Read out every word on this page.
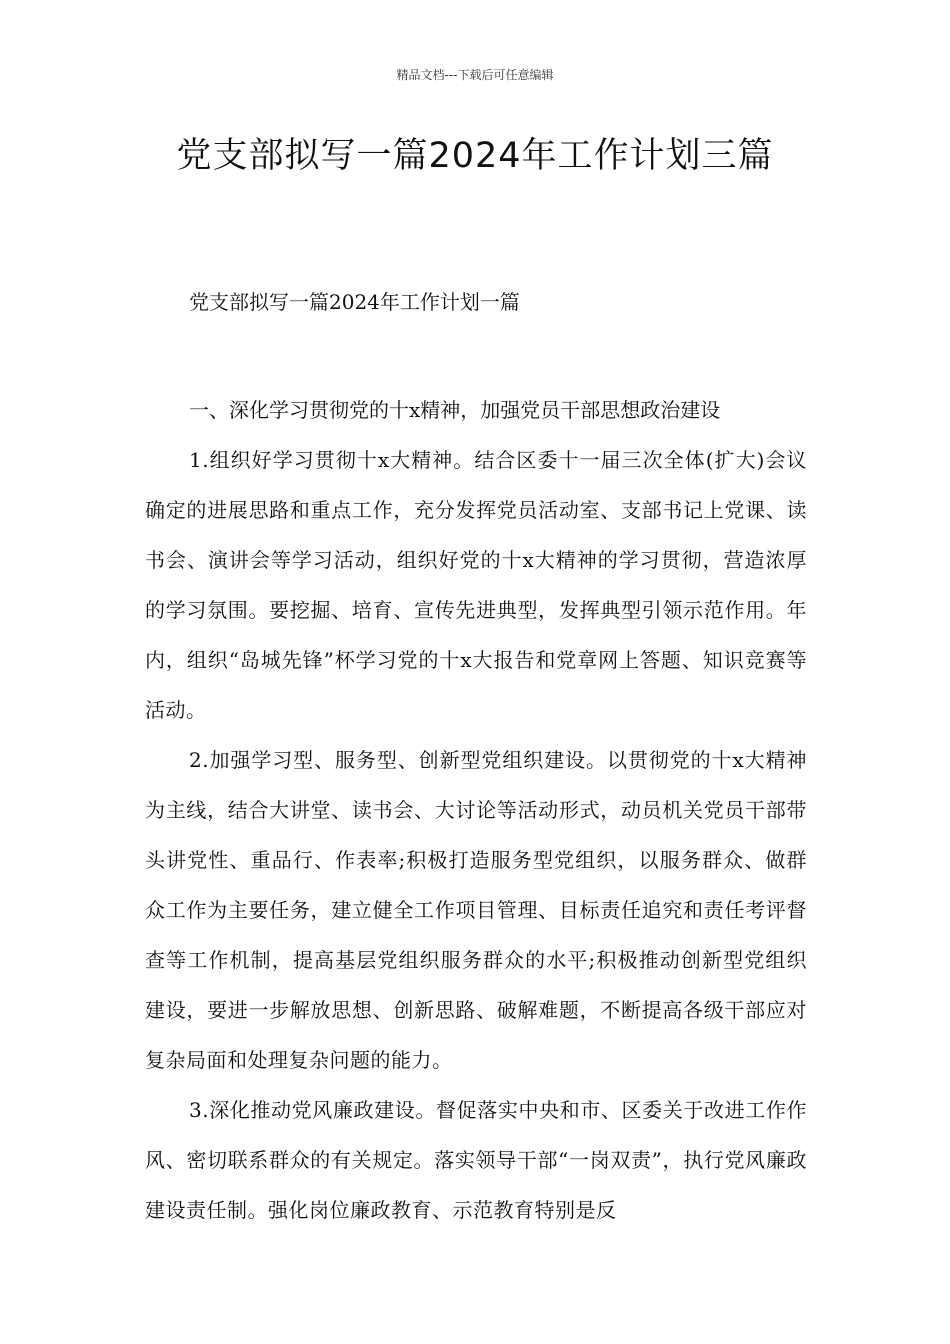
精品文档---下载后可任意编辑
党支部拟写一篇2024年工作计划三篇
党支部拟写一篇2024年工作计划一篇
一、深化学习贯彻党的十x精神，加强党员干部思想政治建设

1.组织好学习贯彻十x大精神。结合区委十一届三次全体(扩大)会议确定的进展思路和重点工作，充分发挥党员活动室、支部书记上党课、读书会、演讲会等学习活动，组织好党的十x大精神的学习贯彻，营造浓厚的学习氛围。要挖掘、培育、宣传先进典型，发挥典型引领示范作用。年内，组织“岛城先锋”杯学习党的十x大报告和党章网上答题、知识竞赛等活动。

2.加强学习型、服务型、创新型党组织建设。以贯彻党的十x大精神为主线，结合大讲堂、读书会、大讨论等活动形式，动员机关党员干部带头讲党性、重品行、作表率;积极打造服务型党组织，以服务群众、做群众工作为主要任务，建立健全工作项目管理、目标责任追究和责任考评督查等工作机制，提高基层党组织服务群众的水平;积极推动创新型党组织建设，要进一步解放思想、创新思路、破解难题，不断提高各级干部应对复杂局面和处理复杂问题的能力。

3.深化推动党风廉政建设。督促落实中央和市、区委关于改进工作作风、密切联系群众的有关规定。落实领导干部“一岗双责”，执行党风廉政建设责任制。强化岗位廉政教育、示范教育特别是反
